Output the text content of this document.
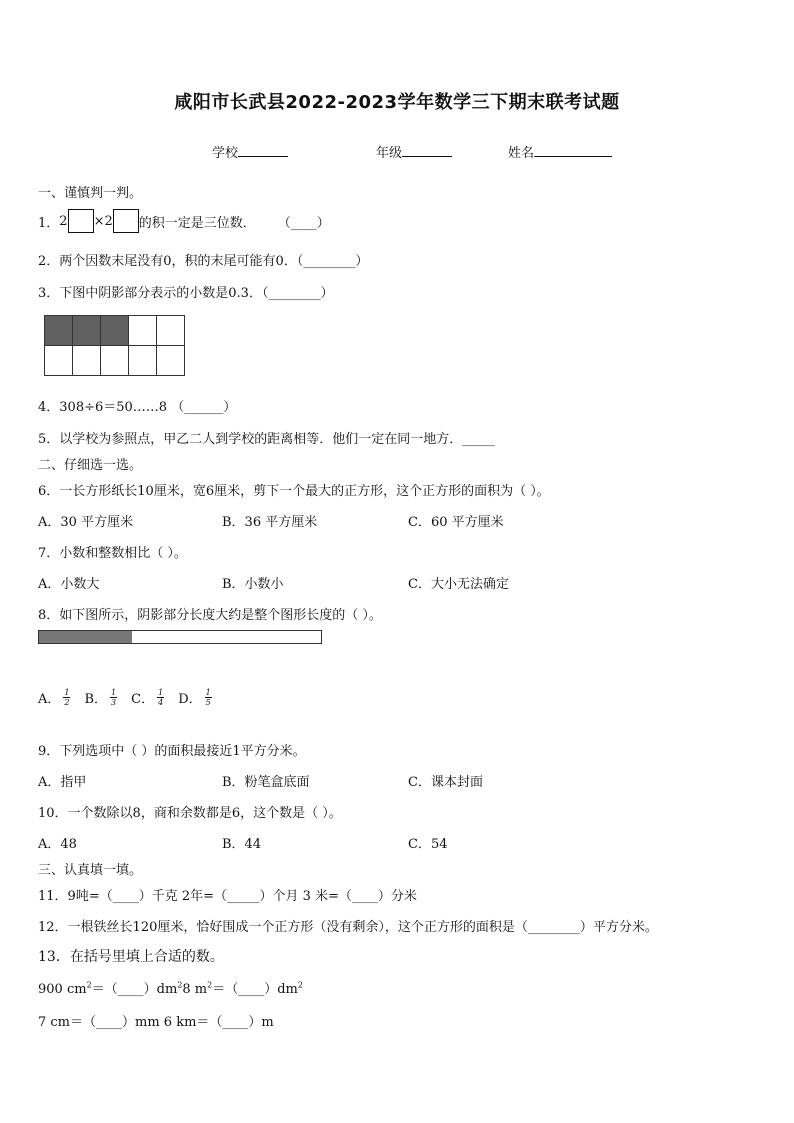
咸阳市长武县2022-2023学年数学三下期末联考试题
学校	年级	姓名
一、谨慎判一判。
1． 2 ×2 的积一定是三位数． （____）
2．两个因数末尾没有0，积的末尾可能有0．（________）
3．下图中阴影部分表示的小数是0.3．（________）

4．308÷6＝50……8 （______）
5．以学校为参照点，甲乙二人到学校的距离相等．他们一定在同一地方．_____
二、仔细选一选。
6．一长方形纸长10厘米，宽6厘米，剪下一个最大的正方形，这个正方形的面积为（ ）。
A．30 平方厘米	B．36 平方厘米	C．60 平方厘米
7．小数和整数相比（ ）。
A．小数大	B．小数小	C．大小无法确定
8．如下图所示，阴影部分长度大约是整个图形长度的（ ）。
A． $\frac{1}{2}$ B． $\frac{1}{3}$ C． $\frac{1}{4}$ D． $\frac{1}{5}$
9．下列选项中（ ）的面积最接近1平方分米。
A．指甲	B．粉笔盒底面	C．课本封面
10．一个数除以8，商和余数都是6，这个数是（ ）。
A．48	B．44	C．54
三、认真填一填。
11．9吨=（____）千克 2年=（_____）个月 3 米=（____）分米
12．一根铁丝长120厘米，恰好围成一个正方形（没有剩余），这个正方形的面积是（________）平方分米。
13．在括号里填上合适的数。
900 $cm^2=(\_\_\_\_)dm^28$ $m^2=(\_\_\_\_)dm^2$
7 cm＝（____）mm 6 km＝（____）m
